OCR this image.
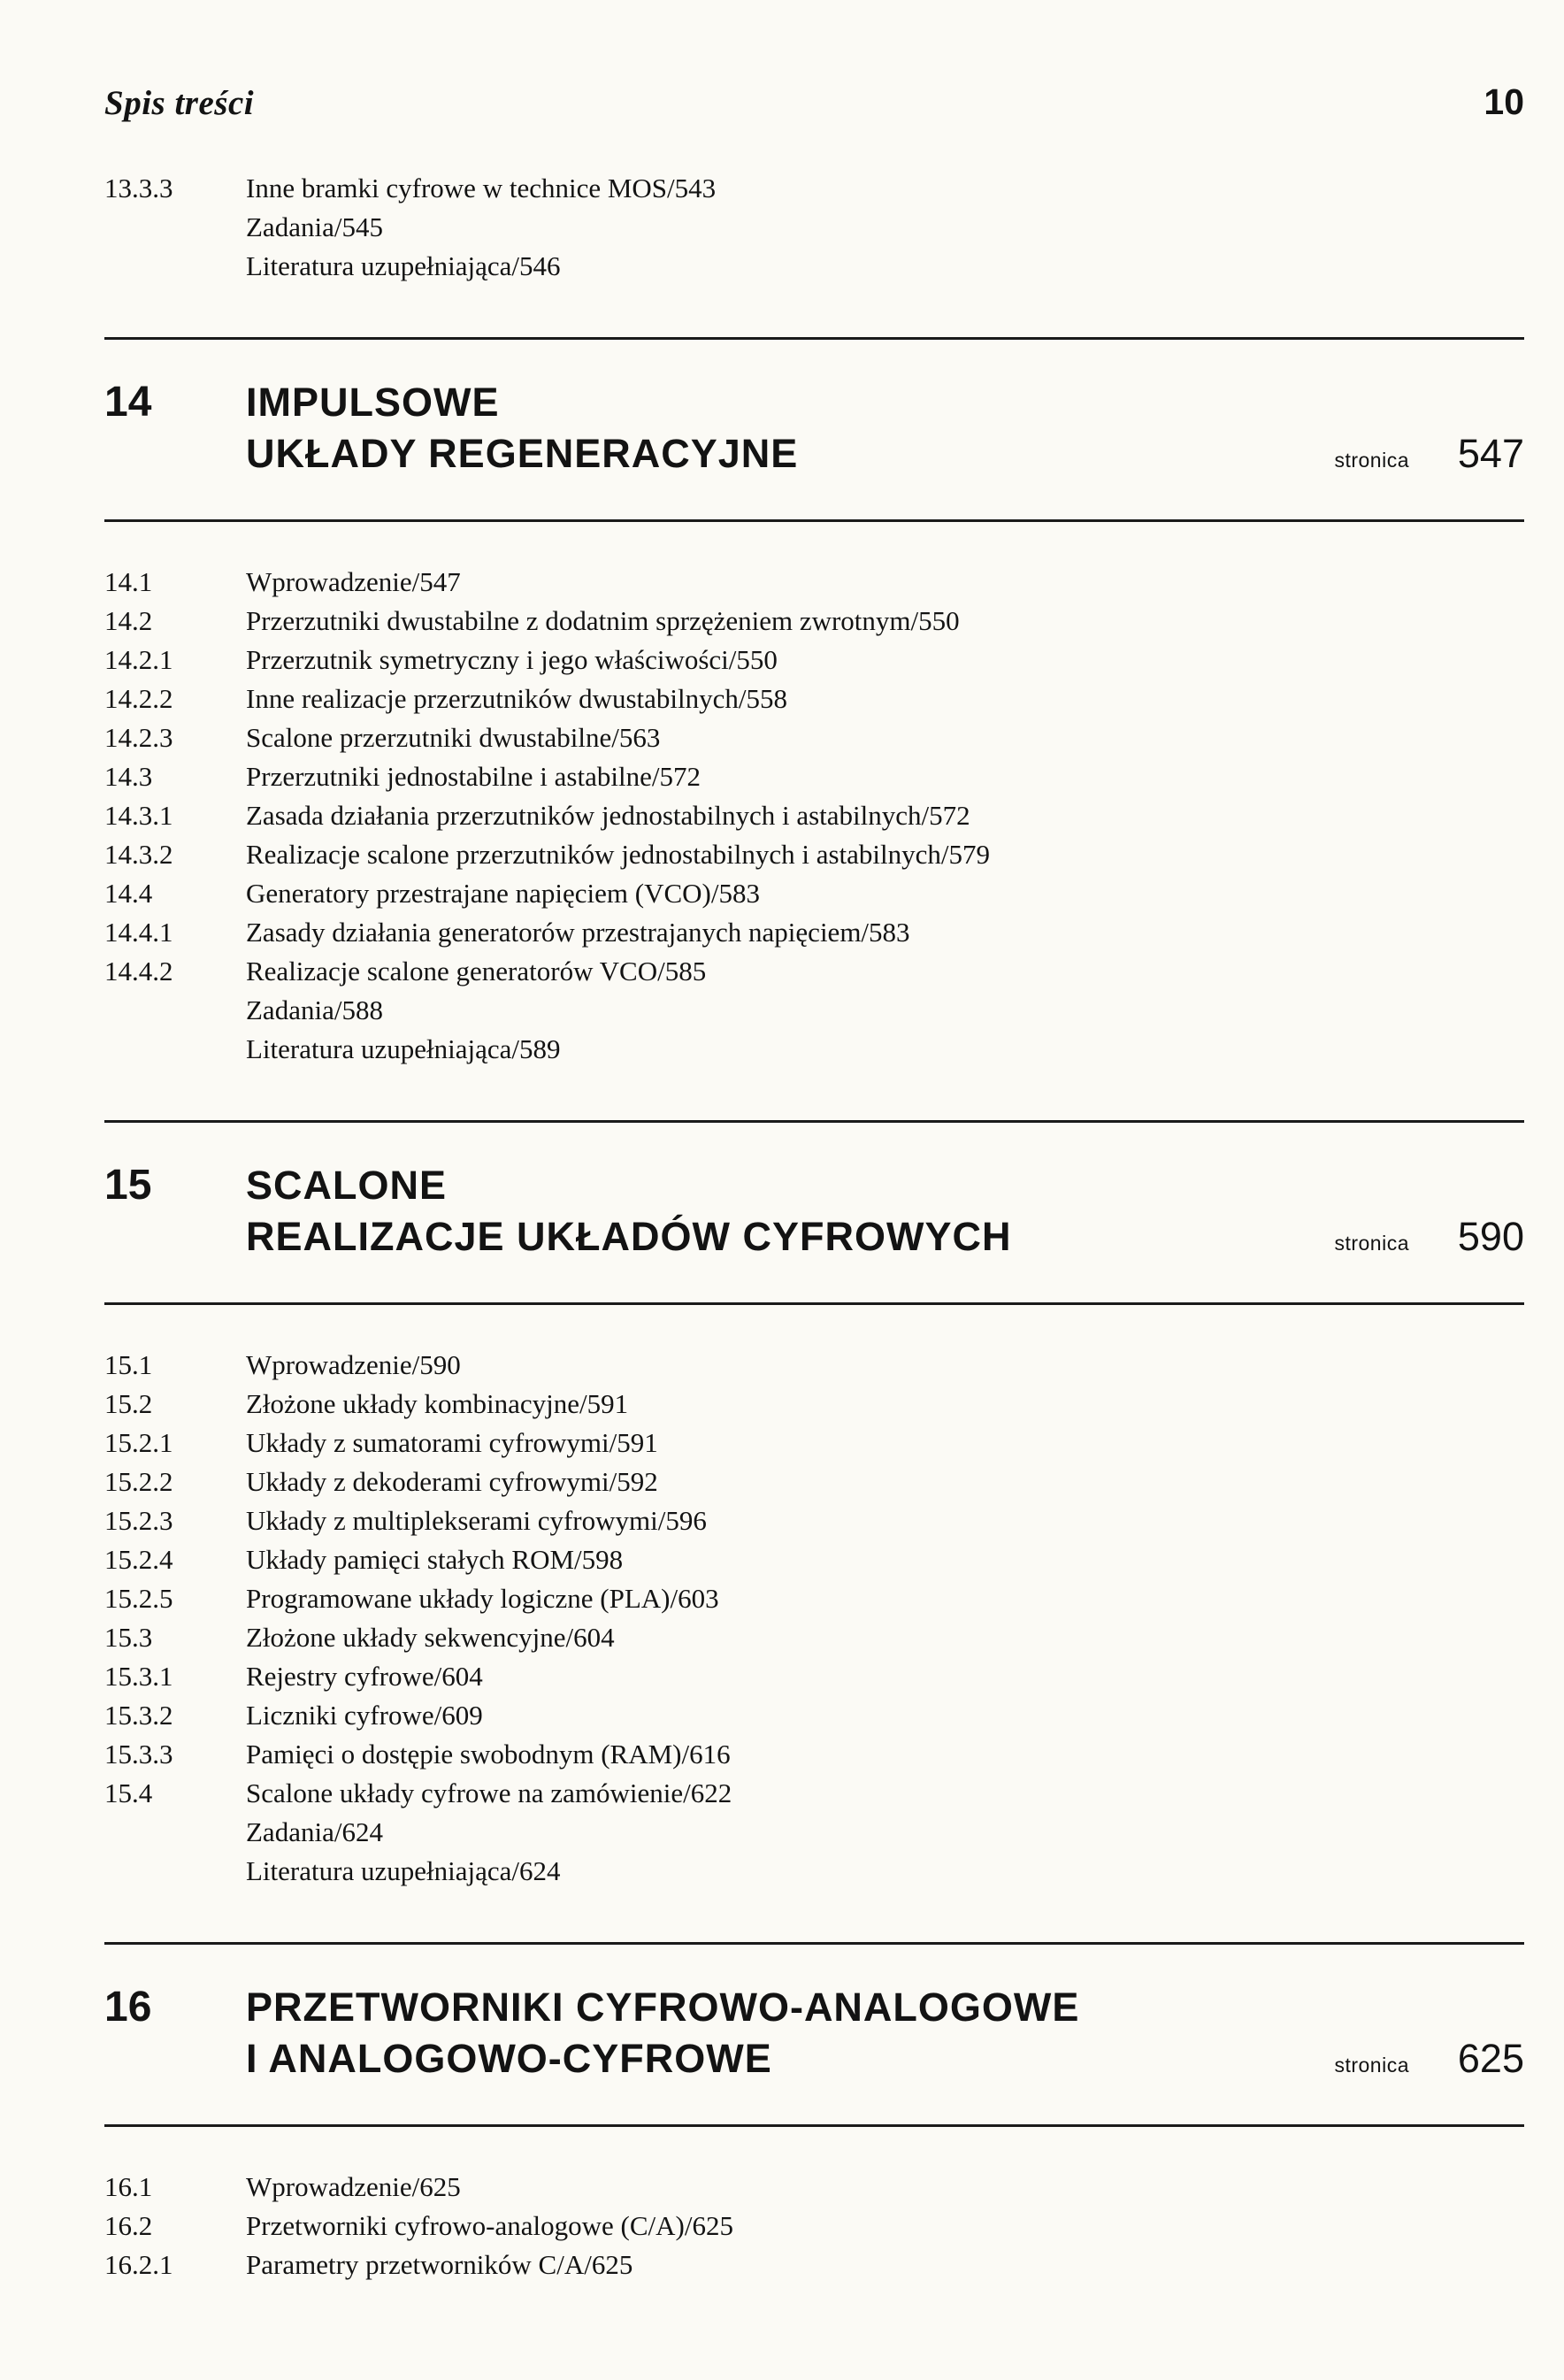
Spis treści	10
13.3.3	Inne bramki cyfrowe w technice MOS/543
Zadania/545
Literatura uzupełniająca/546
14	IMPULSOWE
UKŁADY REGENERACYJNE	stronica	547
14.1	Wprowadzenie/547
14.2	Przerzutniki dwustabilne z dodatnim sprzężeniem zwrotnym/550
14.2.1	Przerzutnik symetryczny i jego właściwości/550
14.2.2	Inne realizacje przerzutników dwustabilnych/558
14.2.3	Scalone przerzutniki dwustabilne/563
14.3	Przerzutniki jednostabilne i astabilne/572
14.3.1	Zasada działania przerzutników jednostabilnych i astabilnych/572
14.3.2	Realizacje scalone przerzutników jednostabilnych i astabilnych/579
14.4	Generatory przestrajane napięciem (VCO)/583
14.4.1	Zasady działania generatorów przestrajanych napięciem/583
14.4.2	Realizacje scalone generatorów VCO/585
Zadania/588
Literatura uzupełniająca/589
15	SCALONE
REALIZACJE UKŁADÓW CYFROWYCH	stronica	590
15.1	Wprowadzenie/590
15.2	Złożone układy kombinacyjne/591
15.2.1	Układy z sumatorami cyfrowymi/591
15.2.2	Układy z dekoderami cyfrowymi/592
15.2.3	Układy z multiplekserami cyfrowymi/596
15.2.4	Układy pamięci stałych ROM/598
15.2.5	Programowane układy logiczne (PLA)/603
15.3	Złożone układy sekwencyjne/604
15.3.1	Rejestry cyfrowe/604
15.3.2	Liczniki cyfrowe/609
15.3.3	Pamięci o dostępie swobodnym (RAM)/616
15.4	Scalone układy cyfrowe na zamówienie/622
Zadania/624
Literatura uzupełniająca/624
16	PRZETWORNIKI CYFROWO-ANALOGOWE
I ANALOGOWO-CYFROWE	stronica	625
16.1	Wprowadzenie/625
16.2	Przetworniki cyfrowo-analogowe (C/A)/625
16.2.1	Parametry przetworników C/A/625
